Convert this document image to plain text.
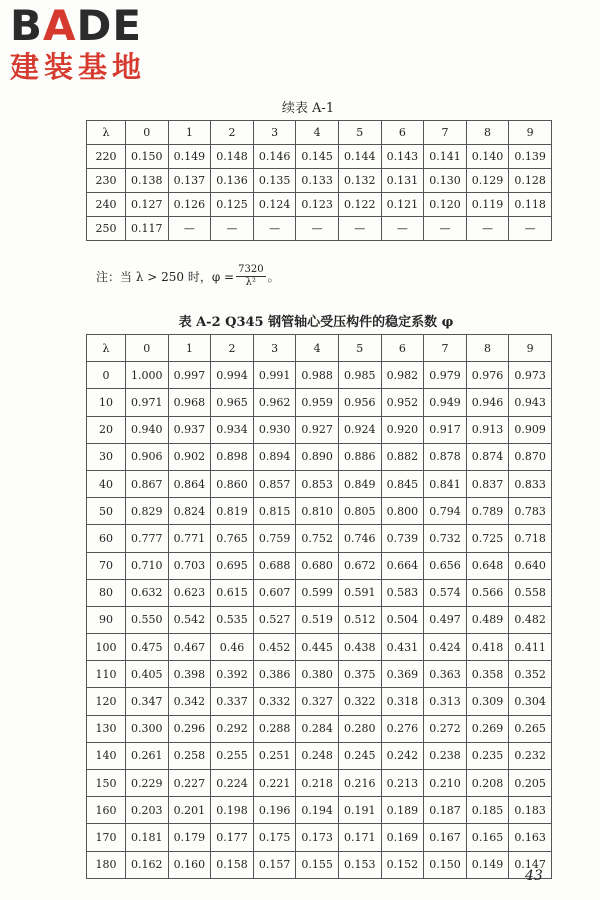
BADE
建装基地
续表 A-1
λ	0	1	2	3	4	5	6	7	8	9
220	0.150	0.149	0.148	0.146	0.145	0.144	0.143	0.141	0.140	0.139
230	0.138	0.137	0.136	0.135	0.133	0.132	0.131	0.130	0.129	0.128
240	0.127	0.126	0.125	0.124	0.123	0.122	0.121	0.120	0.119	0.118
250	0.117	—	—	—	—	—	—	—	—	—
注：当 λ > 250 时，$\varphi = \frac{7320}{\text{λ²}}$ 。
表 A-2 Q345 钢管轴心受压构件的稳定系数 φ
λ	0	1	2	3	4	5	6	7	8	9
0	1.000	0.997	0.994	0.991	0.988	0.985	0.982	0.979	0.976	0.973
10	0.971	0.968	0.965	0.962	0.959	0.956	0.952	0.949	0.946	0.943
20	0.940	0.937	0.934	0.930	0.927	0.924	0.920	0.917	0.913	0.909
30	0.906	0.902	0.898	0.894	0.890	0.886	0.882	0.878	0.874	0.870
40	0.867	0.864	0.860	0.857	0.853	0.849	0.845	0.841	0.837	0.833
50	0.829	0.824	0.819	0.815	0.810	0.805	0.800	0.794	0.789	0.783
60	0.777	0.771	0.765	0.759	0.752	0.746	0.739	0.732	0.725	0.718
70	0.710	0.703	0.695	0.688	0.680	0.672	0.664	0.656	0.648	0.640
80	0.632	0.623	0.615	0.607	0.599	0.591	0.583	0.574	0.566	0.558
90	0.550	0.542	0.535	0.527	0.519	0.512	0.504	0.497	0.489	0.482
100	0.475	0.467	0.46	0.452	0.445	0.438	0.431	0.424	0.418	0.411
110	0.405	0.398	0.392	0.386	0.380	0.375	0.369	0.363	0.358	0.352
120	0.347	0.342	0.337	0.332	0.327	0.322	0.318	0.313	0.309	0.304
130	0.300	0.296	0.292	0.288	0.284	0.280	0.276	0.272	0.269	0.265
140	0.261	0.258	0.255	0.251	0.248	0.245	0.242	0.238	0.235	0.232
150	0.229	0.227	0.224	0.221	0.218	0.216	0.213	0.210	0.208	0.205
160	0.203	0.201	0.198	0.196	0.194	0.191	0.189	0.187	0.185	0.183
170	0.181	0.179	0.177	0.175	0.173	0.171	0.169	0.167	0.165	0.163
180	0.162	0.160	0.158	0.157	0.155	0.153	0.152	0.150	0.149	0.147
43
